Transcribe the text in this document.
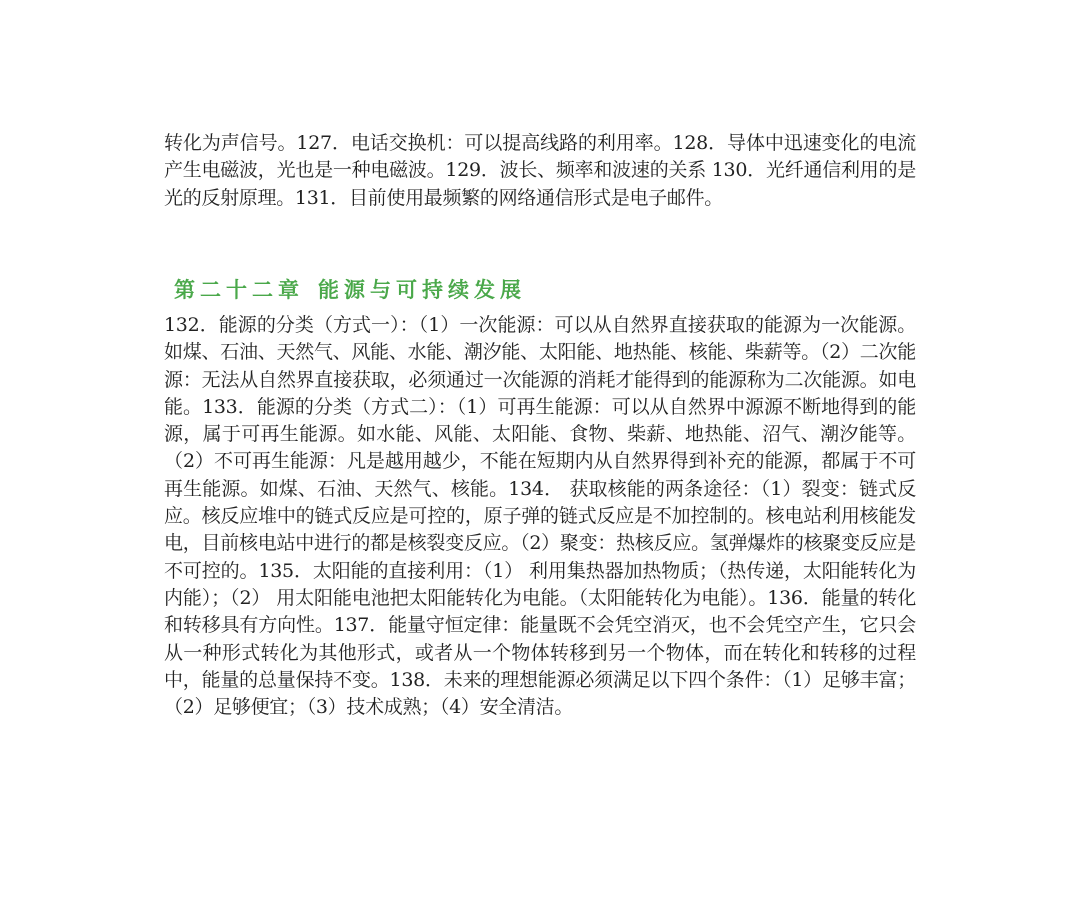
转化为声信号。127．电话交换机：可以提高线路的利用率。128．导体中迅速变化的电流产生电磁波，光也是一种电磁波。129．波长、频率和波速的关系 130．光纤通信利用的是光的反射原理。131．目前使用最频繁的网络通信形式是电子邮件。

第二十二章 能源与可持续发展

132．能源的分类（方式一）：（1）一次能源：可以从自然界直接获取的能源为一次能源。如煤、石油、天然气、风能、水能、潮汐能、太阳能、地热能、核能、柴薪等。（2）二次能源：无法从自然界直接获取，必须通过一次能源的消耗才能得到的能源称为二次能源。如电能。133．能源的分类（方式二）：（1）可再生能源：可以从自然界中源源不断地得到的能源，属于可再生能源。如水能、风能、太阳能、食物、柴薪、地热能、沼气、潮汐能等。（2）不可再生能源：凡是越用越少，不能在短期内从自然界得到补充的能源，都属于不可再生能源。如煤、石油、天然气、核能。134． 获取核能的两条途径：（1）裂变：链式反应。核反应堆中的链式反应是可控的，原子弹的链式反应是不加控制的。核电站利用核能发电，目前核电站中进行的都是核裂变反应。（2）聚变：热核反应。氢弹爆炸的核聚变反应是不可控的。135．太阳能的直接利用：（1） 利用集热器加热物质；（热传递，太阳能转化为内能）；（2） 用太阳能电池把太阳能转化为电能。（太阳能转化为电能）。136．能量的转化和转移具有方向性。137．能量守恒定律：能量既不会凭空消灭，也不会凭空产生，它只会从一种形式转化为其他形式，或者从一个物体转移到另一个物体，而在转化和转移的过程中，能量的总量保持不变。138．未来的理想能源必须满足以下四个条件：（1）足够丰富；（2）足够便宜；（3）技术成熟；（4）安全清洁。
